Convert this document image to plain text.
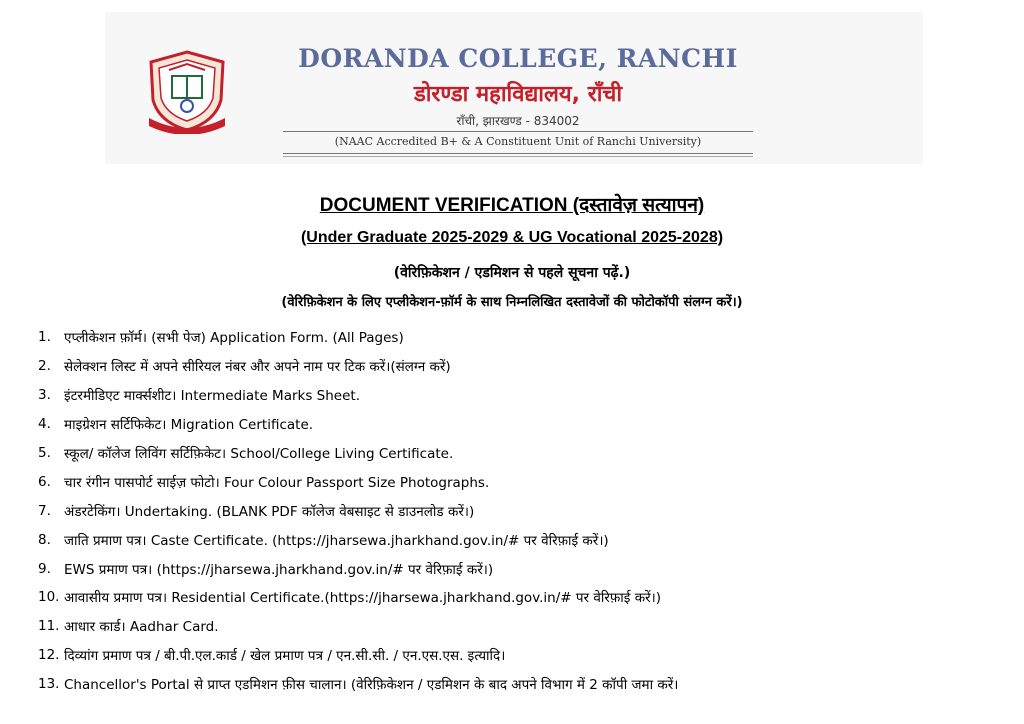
DORANDA COLLEGE, RANCHI
डोरण्डा महाविद्यालय, राँची
राँची, झारखण्ड - 834002
(NAAC Accredited B+ & A Constituent Unit of Ranchi University)
DOCUMENT VERIFICATION (दस्तावेज़ सत्यापन)
(Under Graduate 2025-2029 & UG Vocational 2025-2028)
(वेरिफ़िकेशन / एडमिशन से पहले सूचना पढ़ें.)
(वेरिफ़िकेशन के लिए एप्लीकेशन-फ़ॉर्म के साथ निम्नलिखित दस्तावेजों की फोटोकॉपी संलग्न करें।)
1. एप्लीकेशन फ़ॉर्म। (सभी पेज) Application Form. (All Pages)
2. सेलेक्शन लिस्ट में अपने सीरियल नंबर और अपने नाम पर टिक करें।(संलग्न करें)
3. इंटरमीडिएट मार्क्सशीट। Intermediate Marks Sheet.
4. माइग्रेशन सर्टिफिकेट। Migration Certificate.
5. स्कूल/ कॉलेज लिविंग सर्टिफ़िकेट। School/College Living Certificate.
6. चार रंगीन पासपोर्ट साईज़ फोटो। Four Colour Passport Size Photographs.
7. अंडरटेकिंग। Undertaking. (BLANK PDF कॉलेज वेबसाइट से डाउनलोड करें।)
8. जाति प्रमाण पत्र। Caste Certificate. (https://jharsewa.jharkhand.gov.in/# पर वेरिफ़ाई करें।)
9. EWS प्रमाण पत्र। (https://jharsewa.jharkhand.gov.in/# पर वेरिफ़ाई करें।)
10. आवासीय प्रमाण पत्र। Residential Certificate.(https://jharsewa.jharkhand.gov.in/# पर वेरिफ़ाई करें।)
11. आधार कार्ड। Aadhar Card.
12. दिव्यांग प्रमाण पत्र / बी.पी.एल.कार्ड / खेल प्रमाण पत्र / एन.सी.सी. / एन.एस.एस. इत्यादि।
13. Chancellor's Portal से प्राप्त एडमिशन फ़ीस चालान। (वेरिफ़िकेशन / एडमिशन के बाद अपने विभाग में 2 कॉपी जमा करें।
